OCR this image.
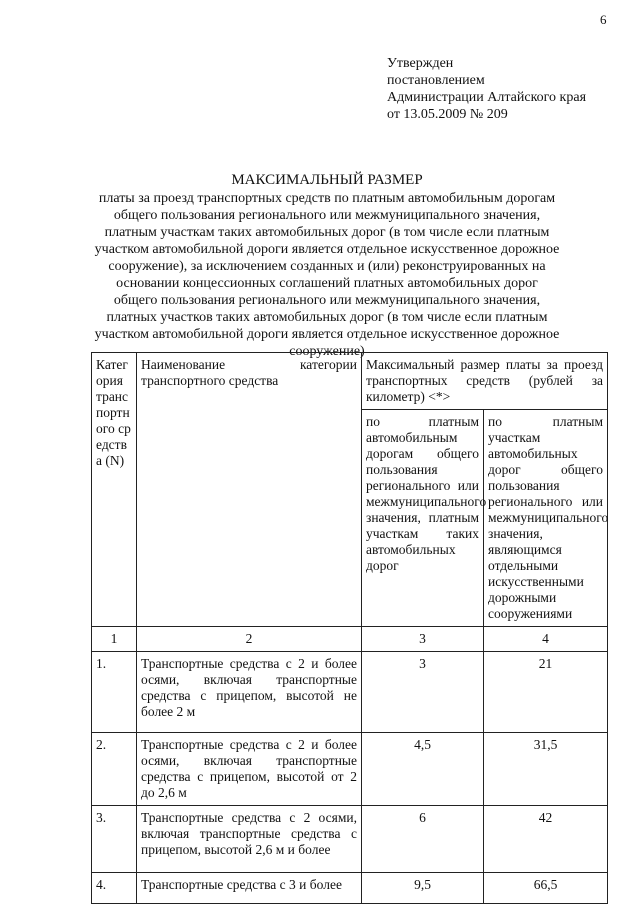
6
Утвержден
постановлением
Администрации Алтайского края
от 13.05.2009 № 209
МАКСИМАЛЬНЫЙ РАЗМЕР
платы за проезд транспортных средств по платным автомобильным дорогам
общего пользования регионального или межмуниципального значения,
платным участкам таких автомобильных дорог (в том числе если платным
участком автомобильной дороги является отдельное искусственное дорожное
сооружение), за исключением созданных и (или) реконструированных на
основании концессионных соглашений платных автомобильных дорог
общего пользования регионального или межмуниципального значения,
платных участков таких автомобильных дорог (в том числе если платным
участком автомобильной дороги является отдельное искусственное дорожное
сооружение)
Категория транспортного средства (N)	Наименование категории транспортного средства	Максимальный размер платы за проезд транспортных средств (рублей за километр) <*>	
		по платным автомобильным дорогам общего пользования регионального или межмуниципального значения, платным участкам таких автомобильных дорог	по платным участкам автомобильных дорог общего пользования регионального или межмуниципального значения, являющимся отдельными искусственными дорожными сооружениями
1	2	3	4
1.	Транспортные средства с 2 и более осями, включая транспортные средства с прицепом, высотой не более 2 м	3	21
2.	Транспортные средства с 2 и более осями, включая транспортные средства с прицепом, высотой от 2 до 2,6 м	4,5	31,5
3.	Транспортные средства с 2 осями, включая транспортные средства с прицепом, высотой 2,6 м и более	6	42
4.	Транспортные средства с 3 и более	9,5	66,5
